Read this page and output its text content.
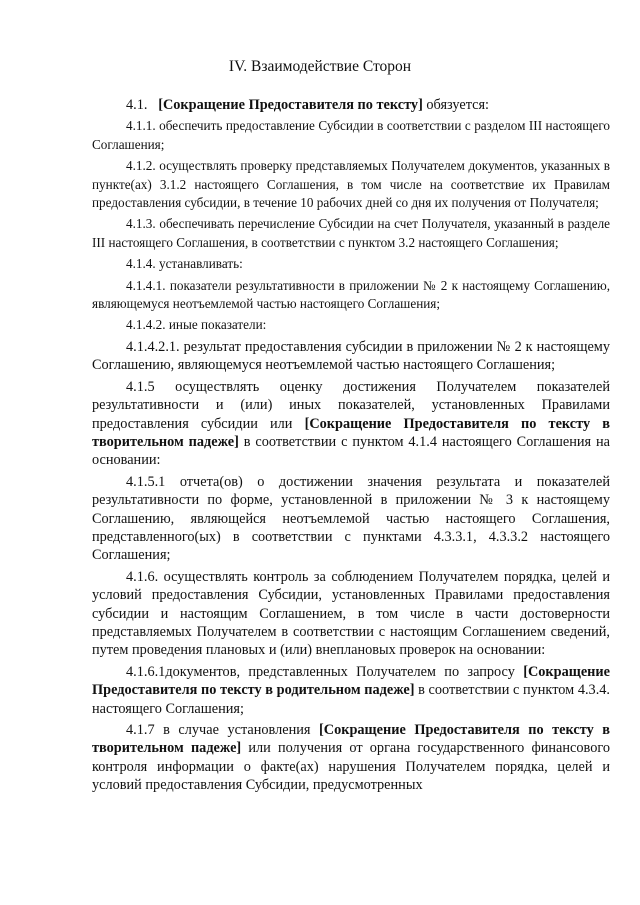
IV. Взаимодействие Сторон

4.1. [Сокращение Предоставителя по тексту] обязуется:

4.1.1. обеспечить предоставление Субсидии в соответствии с разделом III настоящего Соглашения;

4.1.2. осуществлять проверку представляемых Получателем документов, указанных в пункте(ах) 3.1.2 настоящего Соглашения, в том числе на соответствие их Правилам предоставления субсидии, в течение 10 рабочих дней со дня их получения от Получателя;

4.1.3. обеспечивать перечисление Субсидии на счет Получателя, указанный в разделе III настоящего Соглашения, в соответствии с пунктом 3.2 настоящего Соглашения;

4.1.4. устанавливать:

4.1.4.1. показатели результативности в приложении № 2 к настоящему Соглашению, являющемуся неотъемлемой частью настоящего Соглашения;

4.1.4.2. иные показатели:

4.1.4.2.1. результат предоставления субсидии в приложении № 2 к настоящему Соглашению, являющемуся неотъемлемой частью настоящего Соглашения;

4.1.5 осуществлять оценку достижения Получателем показателей результативности и (или) иных показателей, установленных Правилами предоставления субсидии или [Сокращение Предоставителя по тексту в творительном падеже] в соответствии с пунктом 4.1.4 настоящего Соглашения на основании:

4.1.5.1 отчета(ов) о достижении значения результата и показателей результативности по форме, установленной в приложении № 3 к настоящему Соглашению, являющейся неотъемлемой частью настоящего Соглашения, представленного(ых) в соответствии с пунктами 4.3.3.1, 4.3.3.2 настоящего Соглашения;

4.1.6. осуществлять контроль за соблюдением Получателем порядка, целей и условий предоставления Субсидии, установленных Правилами предоставления субсидии и настоящим Соглашением, в том числе в части достоверности представляемых Получателем в соответствии с настоящим Соглашением сведений, путем проведения плановых и (или) внеплановых проверок на основании:

4.1.6.1документов, представленных Получателем по запросу [Сокращение Предоставителя по тексту в родительном падеже] в соответствии с пунктом 4.3.4. настоящего Соглашения;

4.1.7 в случае установления [Сокращение Предоставителя по тексту в творительном падеже] или получения от органа государственного финансового контроля информации о факте(ах) нарушения Получателем порядка, целей и условий предоставления Субсидии, предусмотренных
